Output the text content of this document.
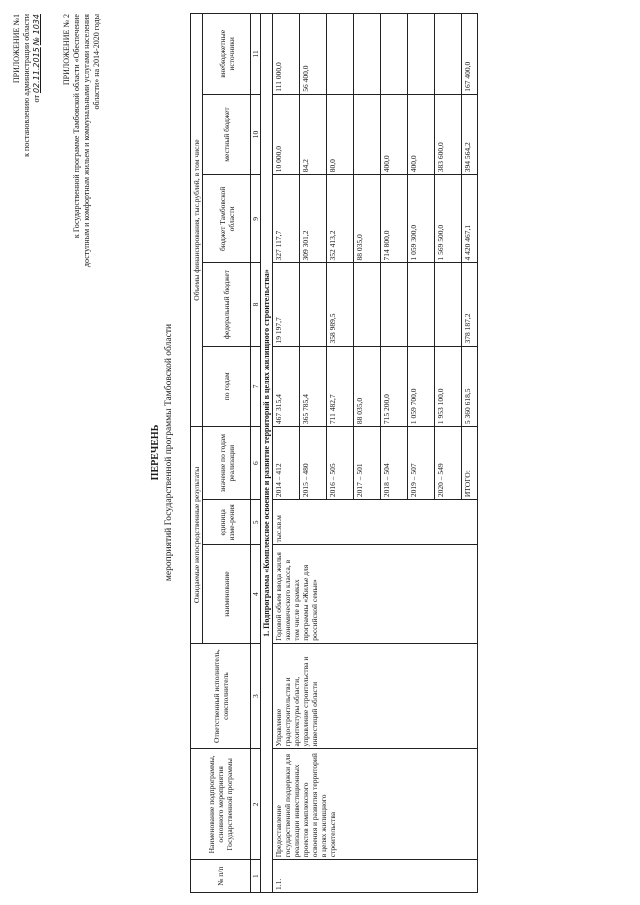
ПРИЛОЖЕНИЕ №1 к постановлению администрации области от 02.11.2015 № 1034	ПРИЛОЖЕНИЕ № 2 к Государственной программе Тамбовской области «Обеспечение доступным и комфортным жильем и коммунальными услугами населения области» на 2014-2020 годы
ПЕРЕЧЕНЬ мероприятий Государственной программы Тамбовской области
№ п/п	Наименование подпрограммы, основного мероприятия Государственной программы	Ответственный исполнитель, соисполнитель	Ожидаемые непосредственные результаты			Объемы финансирования, тыс.рублей, в том числе				
			наименование	единица изме-рения	значение по годам реализации	по годам	федеральный бюджет	бюджет Тамбовской области	местный бюджет	внебюджетные источники
1	2	3	4	5	6	7	8	9	10	11
1. Подпрограмма «Комплексное освоение и развитие территорий в целях жилищного строительства»										
1.1.	Предоставление государственной поддержки для реализации инвестиционных проектов комплексного освоения и развития территорий в целях жилищного строительства	Управление градостроительства и архитектуры области, управление строительства и инвестиций области	Годовой объем ввода жилья экономического класса, в том числе в рамках программы «Жилье для российской семьи»	тыс.кв.м	2014 – 412	467 315,4	19 197,7	327 117,7	10 000,0	111 000,0
					2015 – 480	365 785,4		309 301,2	84,2	56 400,0
					2016 – 505	711 482,7	358 989,5	352 413,2	80,0	
					2017 – 501	88 035,0		88 035,0		
					2018 – 504	715 200,0		714 800,0	400,0	
					2019 – 507	1 059 700,0		1 059 300,0	400,0	
					2020 – 549	1 953 100,0		1 569 500,0	383 600,0	
					ИТОГО:	5 360 618,5	378 187,2	4 420 467,1	394 564,2	167 400,0
